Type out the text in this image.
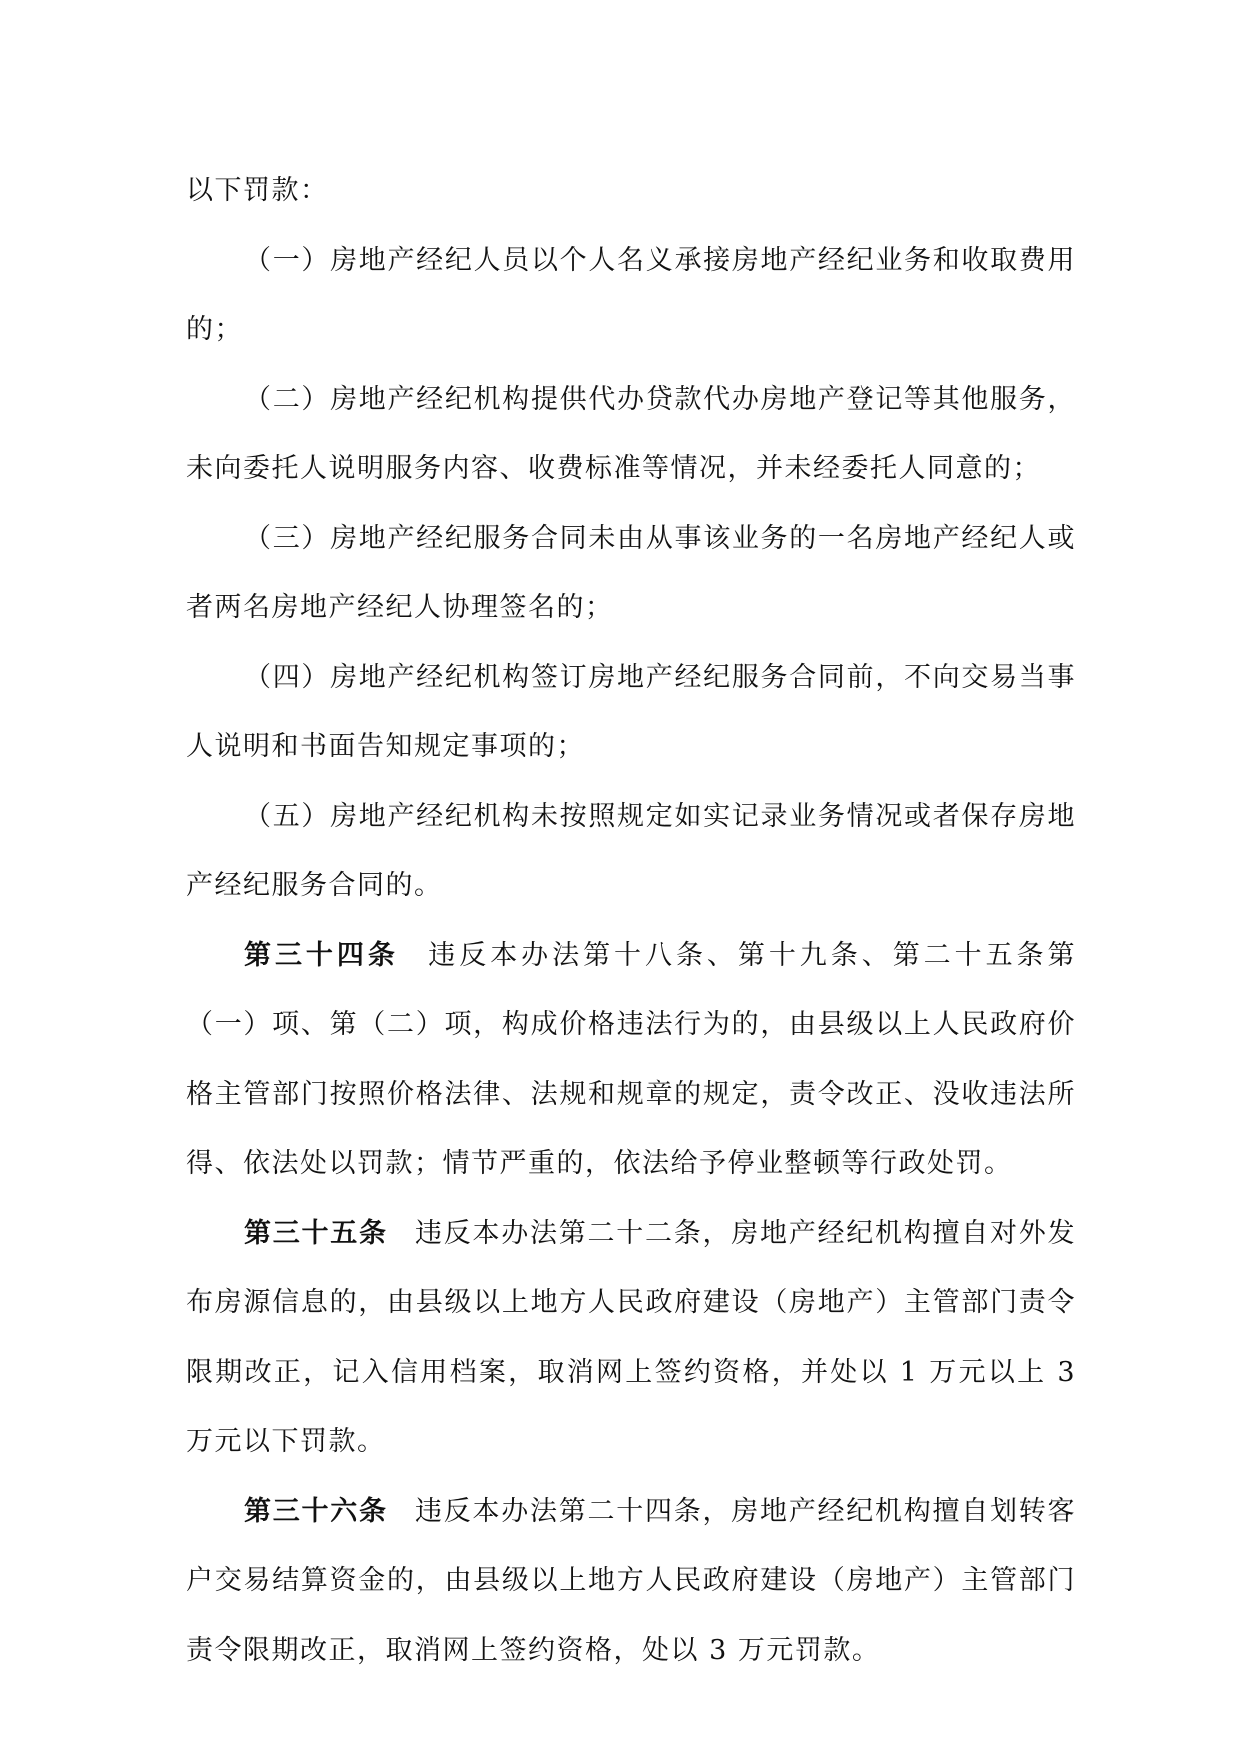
以下罚款：

（一）房地产经纪人员以个人名义承接房地产经纪业务和收取费用的；

（二）房地产经纪机构提供代办贷款代办房地产登记等其他服务，未向委托人说明服务内容、收费标准等情况，并未经委托人同意的；

（三）房地产经纪服务合同未由从事该业务的一名房地产经纪人或者两名房地产经纪人协理签名的；

（四）房地产经纪机构签订房地产经纪服务合同前，不向交易当事人说明和书面告知规定事项的；

（五）房地产经纪机构未按照规定如实记录业务情况或者保存房地产经纪服务合同的。

第三十四条 违反本办法第十八条、第十九条、第二十五条第（一）项、第（二）项，构成价格违法行为的，由县级以上人民政府价格主管部门按照价格法律、法规和规章的规定，责令改正、没收违法所得、依法处以罚款；情节严重的，依法给予停业整顿等行政处罚。

第三十五条 违反本办法第二十二条，房地产经纪机构擅自对外发布房源信息的，由县级以上地方人民政府建设（房地产）主管部门责令限期改正，记入信用档案，取消网上签约资格，并处以 1 万元以上 3 万元以下罚款。

第三十六条 违反本办法第二十四条，房地产经纪机构擅自划转客户交易结算资金的，由县级以上地方人民政府建设（房地产）主管部门责令限期改正，取消网上签约资格，处以 3 万元罚款。
